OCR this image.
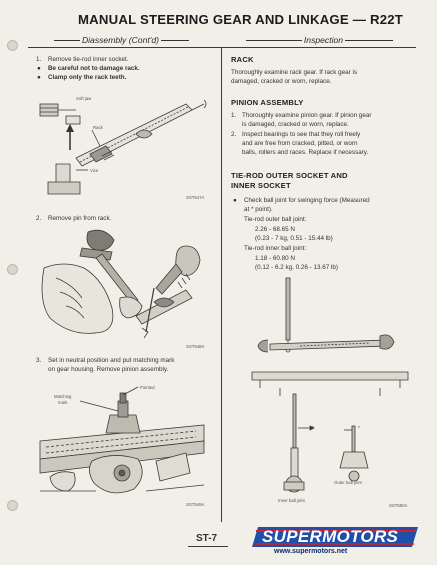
MANUAL STEERING GEAR AND LINKAGE — R22T
Diassembly (Cont'd)	Inspection
1. Remove tie-rod inner socket.
● Be careful not to damage rack.
● Clamp only the rack teeth.
Soft jaw
Rack
Vice
SST547A
2. Remove pin from rack.
SST548A
3. Set in neutral position and put matching mark
on gear housing. Remove pinion assembly.
Pointed
Matching
mark
SST549A
RACK
Thoroughly examine rack gear. If rack gear is
damaged, cracked or worn, replace.
PINION ASSEMBLY
1. Thoroughly examine pinion gear. If pinion gear
is damaged, cracked or worn, replace.
2. Inspect bearings to see that they roll freely
and are free from cracked, pitted, or worn
balls, rollers and races. Replace if necessary.
TIE-ROD OUTER SOCKET AND
INNER SOCKET
● Check ball joint for swinging force (Measured
at * point).
Tie-rod outer ball joint:
2.26 - 68.65 N
(0.23 - 7 kg, 0.51 - 15.44 lb)
Tie-rod inner ball joint:
1.18 - 60.80 N
(0.12 - 6.2 kg, 0.26 - 13.67 lb)
*	*
Inner ball joint
Outer ball joint
SST550A
ST-7	SUPERMOTORS
www.supermotors.net
